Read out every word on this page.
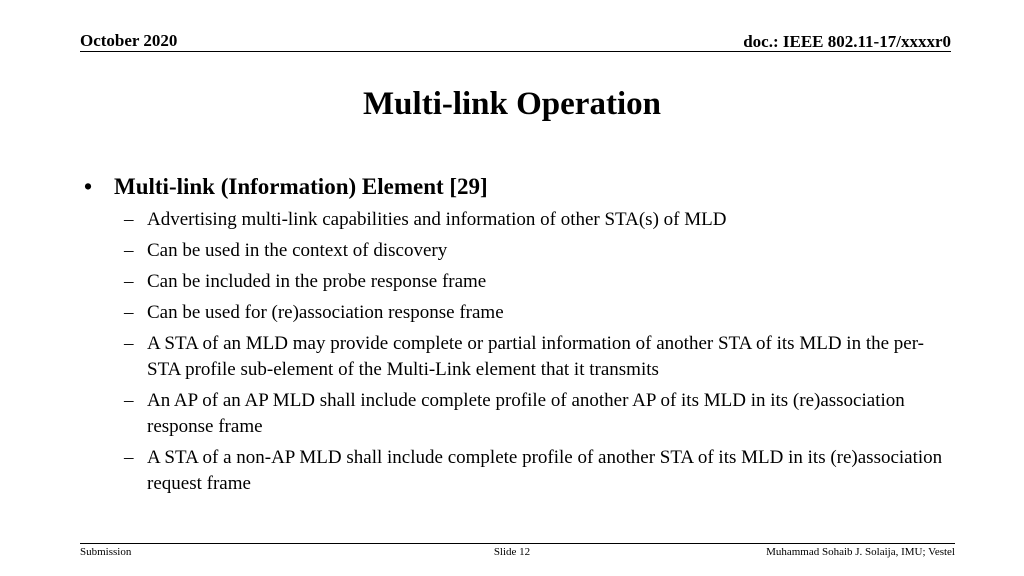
October 2020	doc.: IEEE 802.11-17/xxxxr0
Multi-link Operation
• Multi-link (Information) Element [29]
– Advertising multi-link capabilities and information of other STA(s) of MLD
– Can be used in the context of discovery
– Can be included in the probe response frame
– Can be used for (re)association response frame
– A STA of an MLD may provide complete or partial information of another STA of its MLD in the per-STA profile sub-element of the Multi-Link element that it transmits
– An AP of an AP MLD shall include complete profile of another AP of its MLD in its (re)association response frame
– A STA of a non-AP MLD shall include complete profile of another STA of its MLD in its (re)association request frame
Submission	Slide 12	Muhammad Sohaib J. Solaija, IMU; Vestel
